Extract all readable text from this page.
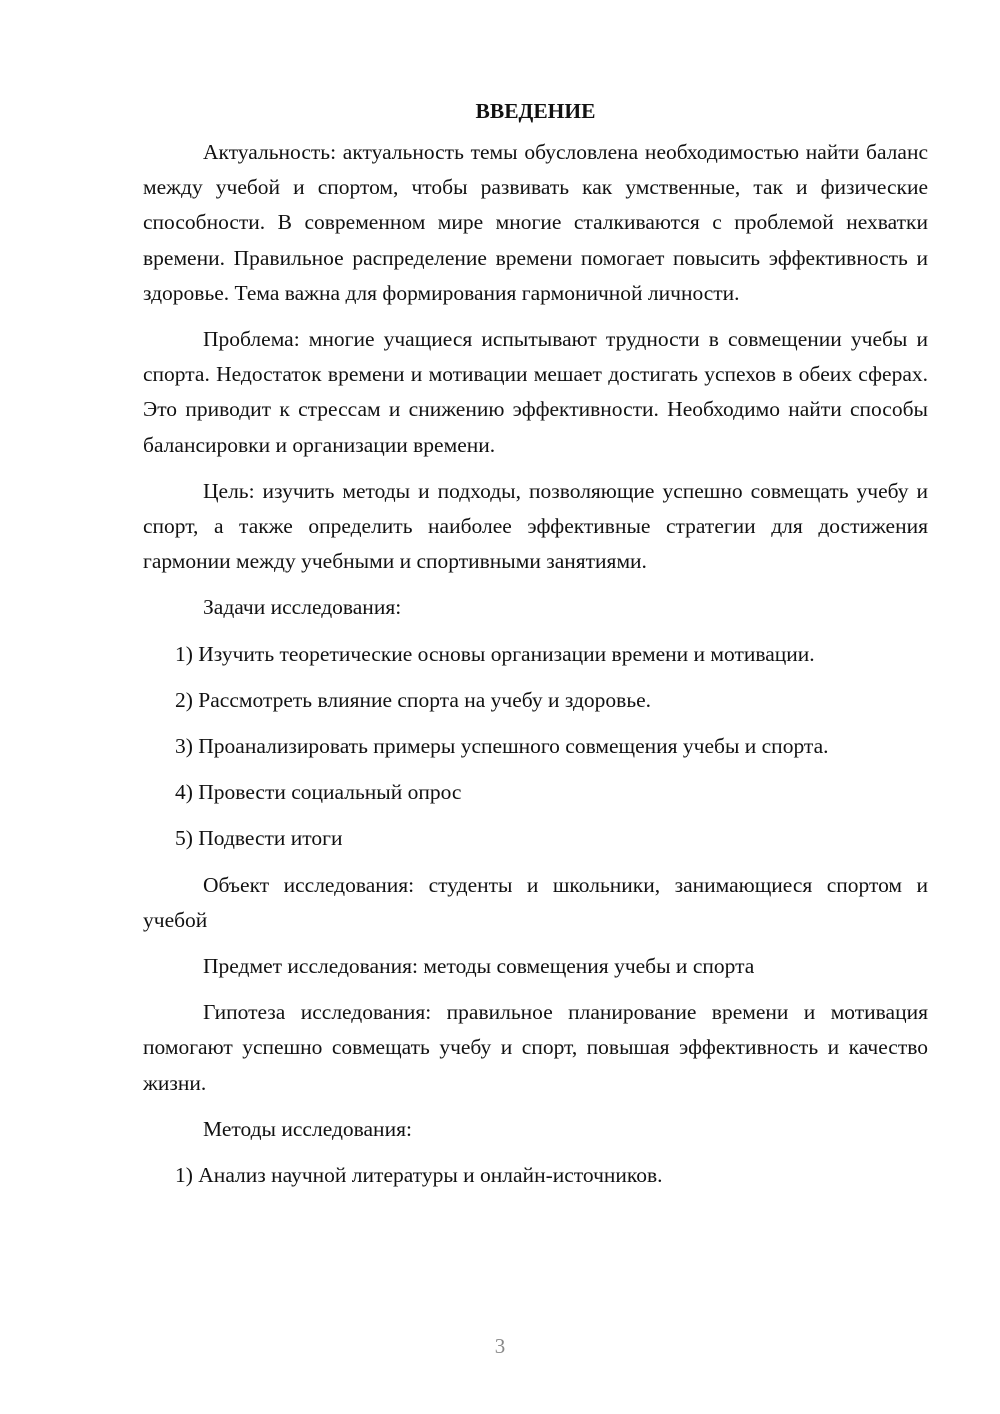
ВВЕДЕНИЕ

Актуальность: актуальность темы обусловлена необходимостью найти баланс между учебой и спортом, чтобы развивать как умственные, так и физические способности. В современном мире многие сталкиваются с проблемой нехватки времени. Правильное распределение времени помогает повысить эффективность и здоровье. Тема важна для формирования гармоничной личности.

Проблема: многие учащиеся испытывают трудности в совмещении учебы и спорта. Недостаток времени и мотивации мешает достигать успехов в обеих сферах. Это приводит к стрессам и снижению эффективности. Необходимо найти способы балансировки и организации времени.

Цель: изучить методы и подходы, позволяющие успешно совмещать учебу и спорт, а также определить наиболее эффективные стратегии для достижения гармонии между учебными и спортивными занятиями.

Задачи исследования:

1) Изучить теоретические основы организации времени и мотивации.

2) Рассмотреть влияние спорта на учебу и здоровье.

3) Проанализировать примеры успешного совмещения учебы и спорта.

4) Провести социальный опрос

5) Подвести итоги

Объект исследования: студенты и школьники, занимающиеся спортом и учебой

Предмет исследования: методы совмещения учебы и спорта

Гипотеза исследования: правильное планирование времени и мотивация помогают успешно совмещать учебу и спорт, повышая эффективность и качество жизни.

Методы исследования:

1) Анализ научной литературы и онлайн-источников.

3
